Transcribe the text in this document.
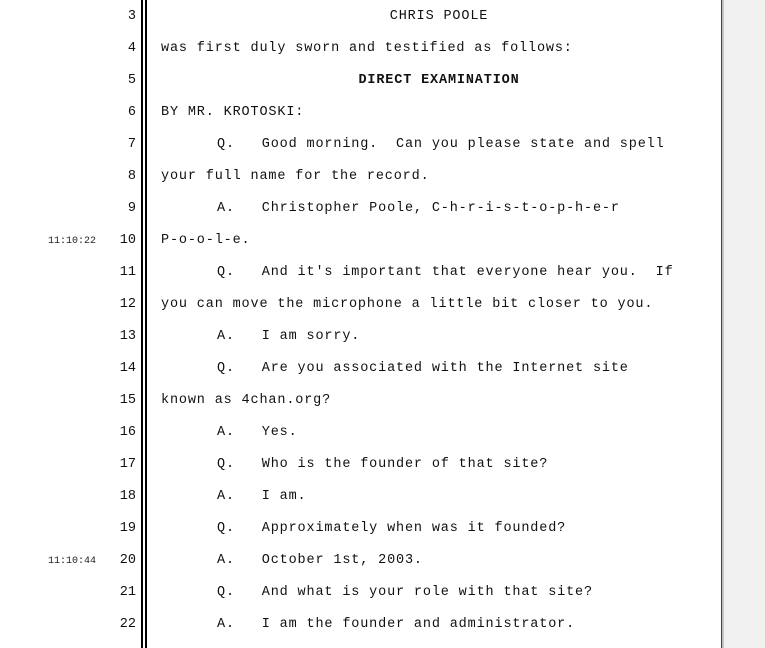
3	CHRIS POOLE
4 was first duly sworn and testified as follows:
5	DIRECT EXAMINATION
6 BY MR. KROTOSKI:
7	Q.   Good morning.  Can you please state and spell
8 your full name for the record.
9	A.   Christopher Poole, C-h-r-i-s-t-o-p-h-e-r
11:10:22	10 P-o-o-l-e.
11	Q.   And it's important that everyone hear you.  If
12 you can move the microphone a little bit closer to you.
13	A.   I am sorry.
14	Q.   Are you associated with the Internet site
15 known as 4chan.org?
16	A.   Yes.
17	Q.   Who is the founder of that site?
18	A.   I am.
19	Q.   Approximately when was it founded?
11:10:44	20	A.   October 1st, 2003.
21	Q.   And what is your role with that site?
22	A.   I am the founder and administrator.
